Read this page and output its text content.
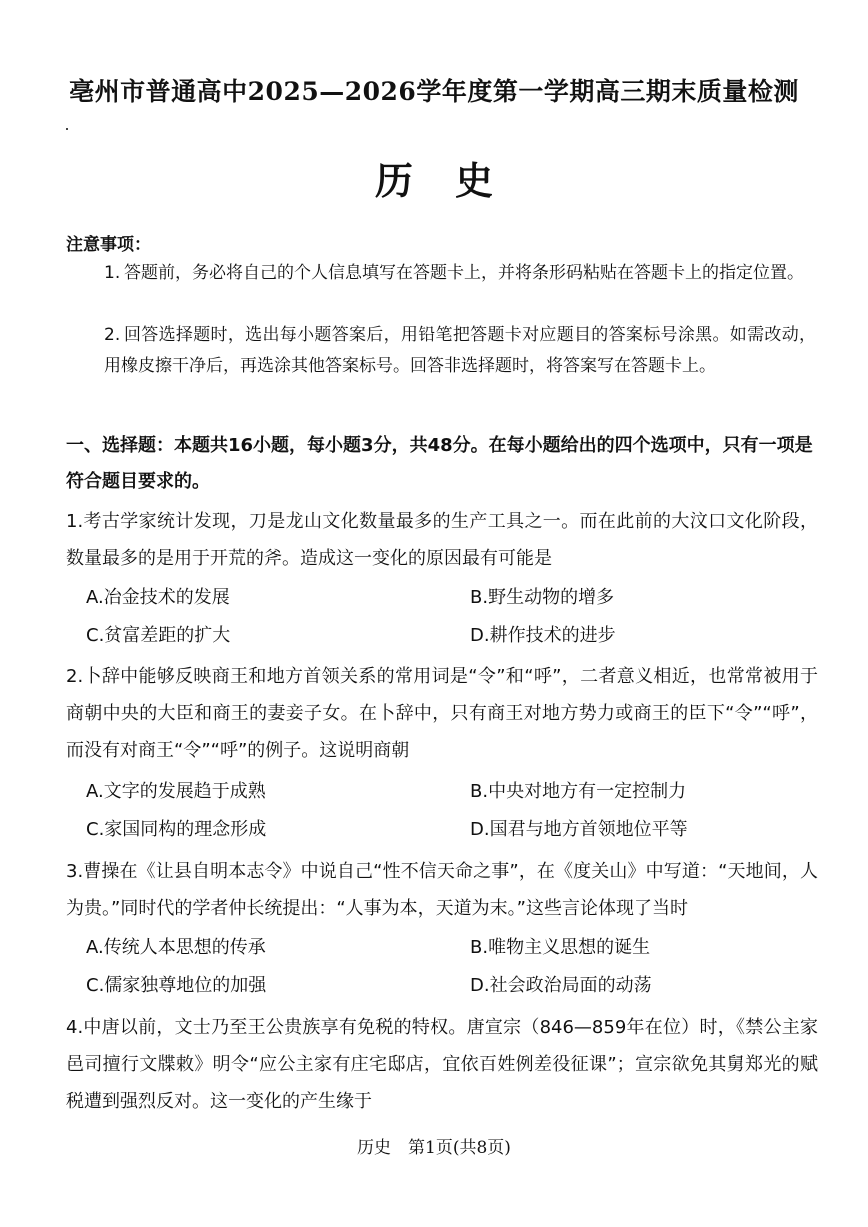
亳州市普通高中2025—2026学年度第一学期高三期末质量检测
历史
注意事项：
1. 答题前，务必将自己的个人信息填写在答题卡上，并将条形码粘贴在答题卡上的指定位置。
2. 回答选择题时，选出每小题答案后，用铅笔把答题卡对应题目的答案标号涂黑。如需改动，用橡皮擦干净后，再选涂其他答案标号。回答非选择题时，将答案写在答题卡上。
一、选择题：本题共16小题，每小题3分，共48分。在每小题给出的四个选项中，只有一项是符合题目要求的。
1.考古学家统计发现，刀是龙山文化数量最多的生产工具之一。而在此前的大汶口文化阶段，数量最多的是用于开荒的斧。造成这一变化的原因最有可能是
A.冶金技术的发展	B.野生动物的增多
C.贫富差距的扩大	D.耕作技术的进步
2.卜辞中能够反映商王和地方首领关系的常用词是“令”和“呼”，二者意义相近，也常常被用于商朝中央的大臣和商王的妻妾子女。在卜辞中，只有商王对地方势力或商王的臣下“令”“呼”，而没有对商王“令”“呼”的例子。这说明商朝
A.文字的发展趋于成熟	B.中央对地方有一定控制力
C.家国同构的理念形成	D.国君与地方首领地位平等
3.曹操在《让县自明本志令》中说自己“性不信天命之事”，在《度关山》中写道：“天地间，人为贵。”同时代的学者仲长统提出：“人事为本，天道为末。”这些言论体现了当时
A.传统人本思想的传承	B.唯物主义思想的诞生
C.儒家独尊地位的加强	D.社会政治局面的动荡
4.中唐以前，文士乃至王公贵族享有免税的特权。唐宣宗（846—859年在位）时，《禁公主家邑司擅行文牒敕》明令“应公主家有庄宅邸店，宜依百姓例差役征课”；宣宗欲免其舅郑光的赋税遭到强烈反对。这一变化的产生缘于
历史　第1页(共8页)
